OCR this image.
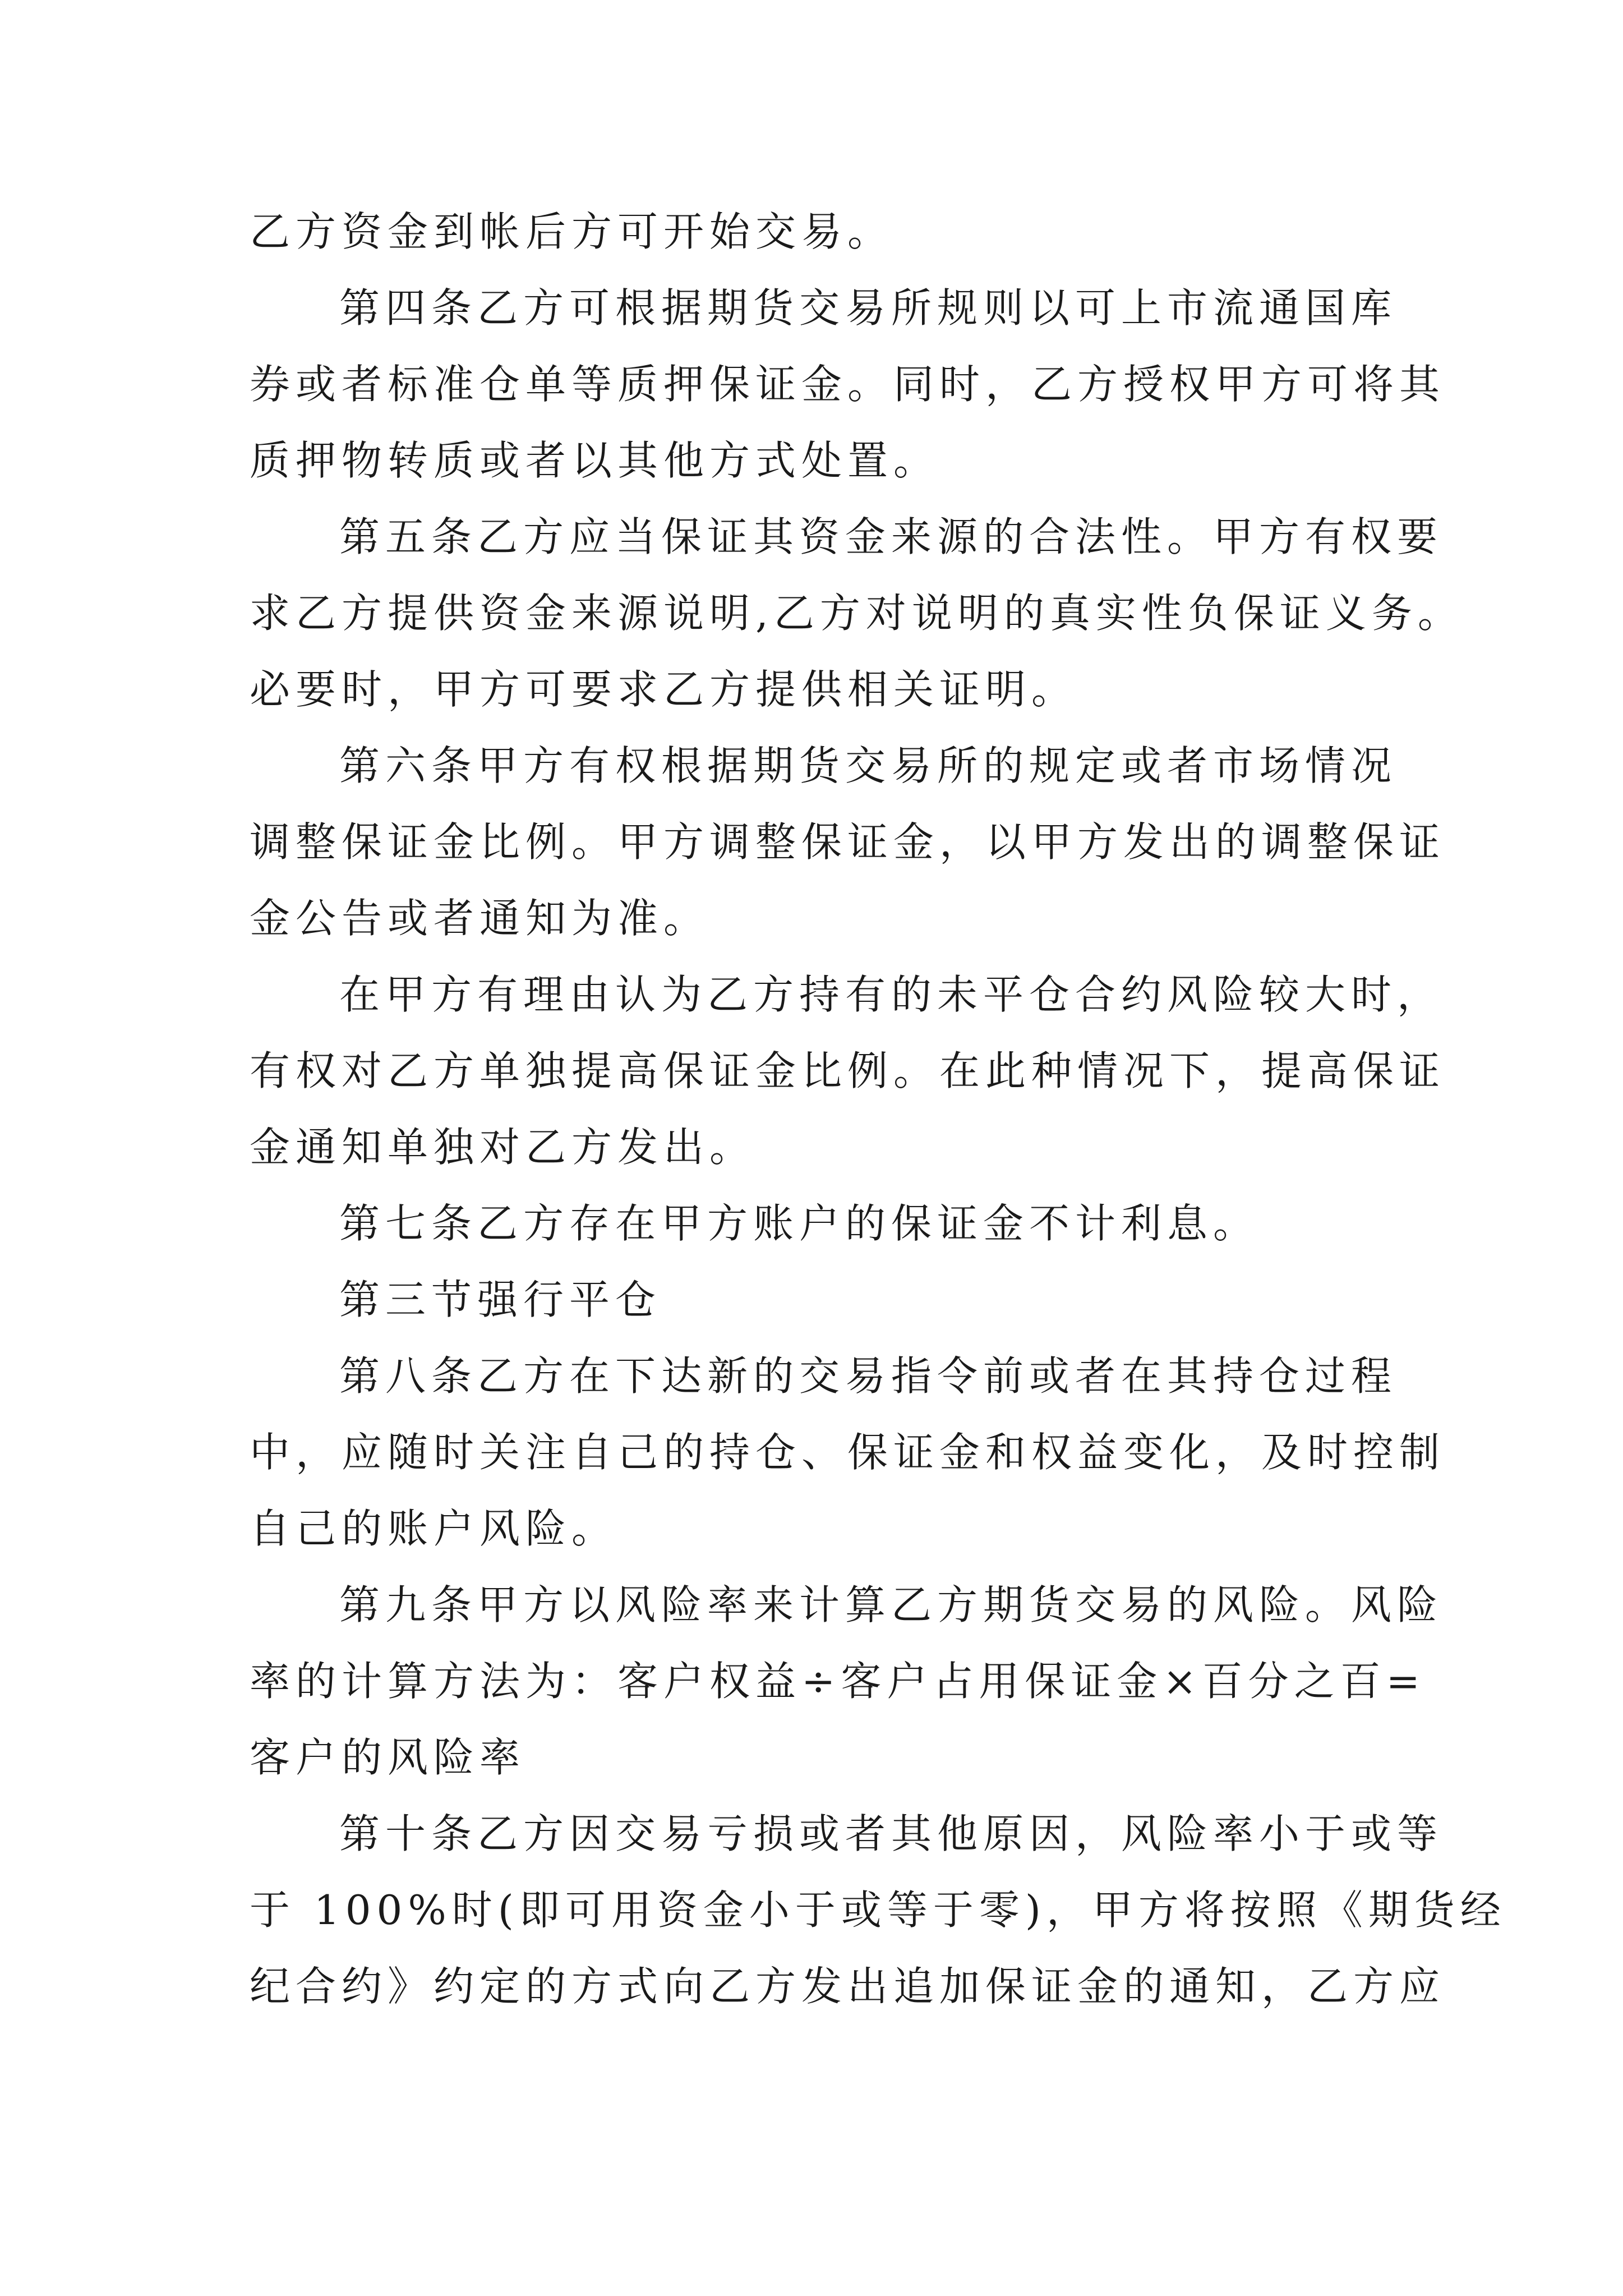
乙方资金到帐后方可开始交易。
第四条乙方可根据期货交易所规则以可上市流通国库
券或者标准仓单等质押保证金。同时，乙方授权甲方可将其
质押物转质或者以其他方式处置。
第五条乙方应当保证其资金来源的合法性。甲方有权要
求乙方提供资金来源说明,乙方对说明的真实性负保证义务。
必要时，甲方可要求乙方提供相关证明。
第六条甲方有权根据期货交易所的规定或者市场情况
调整保证金比例。甲方调整保证金，以甲方发出的调整保证
金公告或者通知为准。
在甲方有理由认为乙方持有的未平仓合约风险较大时，
有权对乙方单独提高保证金比例。在此种情况下，提高保证
金通知单独对乙方发出。
第七条乙方存在甲方账户的保证金不计利息。
第三节强行平仓
第八条乙方在下达新的交易指令前或者在其持仓过程
中，应随时关注自己的持仓、保证金和权益变化，及时控制
自己的账户风险。
第九条甲方以风险率来计算乙方期货交易的风险。风险
率的计算方法为：客户权益÷客户占用保证金×百分之百=
客户的风险率
第十条乙方因交易亏损或者其他原因，风险率小于或等
于 100%时(即可用资金小于或等于零)，甲方将按照《期货经
纪合约》约定的方式向乙方发出追加保证金的通知，乙方应
